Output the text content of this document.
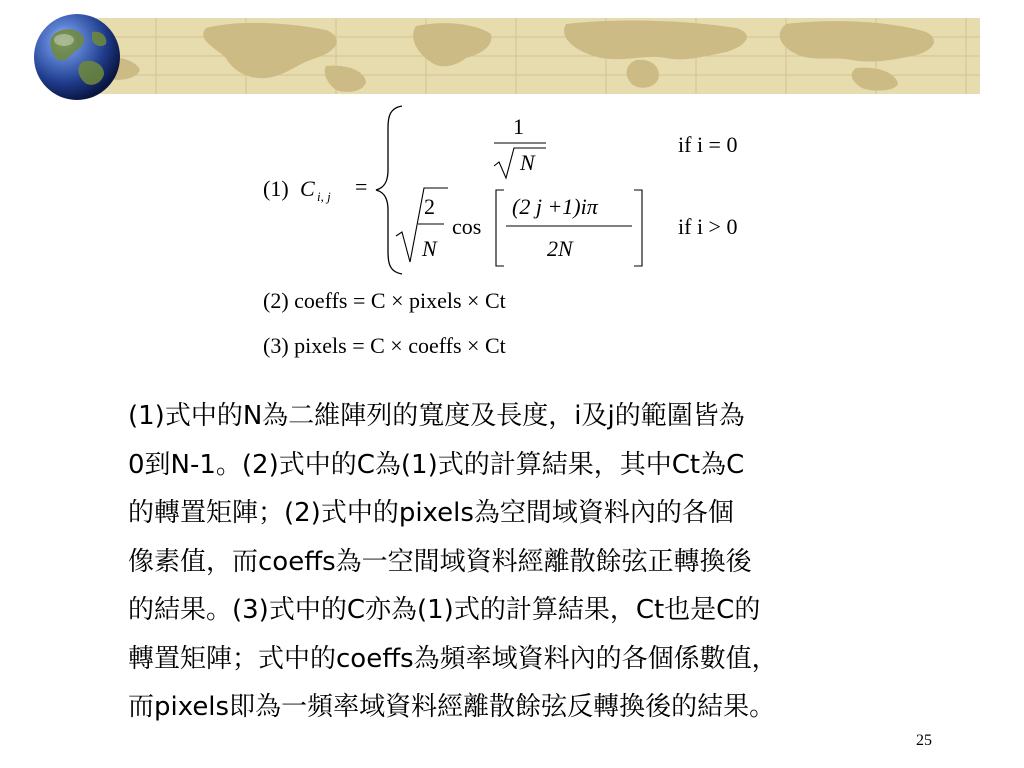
(1) C i, j =
1
N
if i = 0
2
N
cos
(2 j +1)iπ
2N
if i > 0
(2) coeffs = C × pixels × Ct
(3) pixels = C × coeffs × Ct
(1)式中的N為二維陣列的寬度及長度，i及j的範圍皆為
0到N-1。(2)式中的C為(1)式的計算結果，其中Ct為C
的轉置矩陣；(2)式中的pixels為空間域資料內的各個
像素值，而coeffs為一空間域資料經離散餘弦正轉換後
的結果。(3)式中的C亦為(1)式的計算結果，Ct也是C的
轉置矩陣；式中的coeffs為頻率域資料內的各個係數值，
而pixels即為一頻率域資料經離散餘弦反轉換後的結果。
25
